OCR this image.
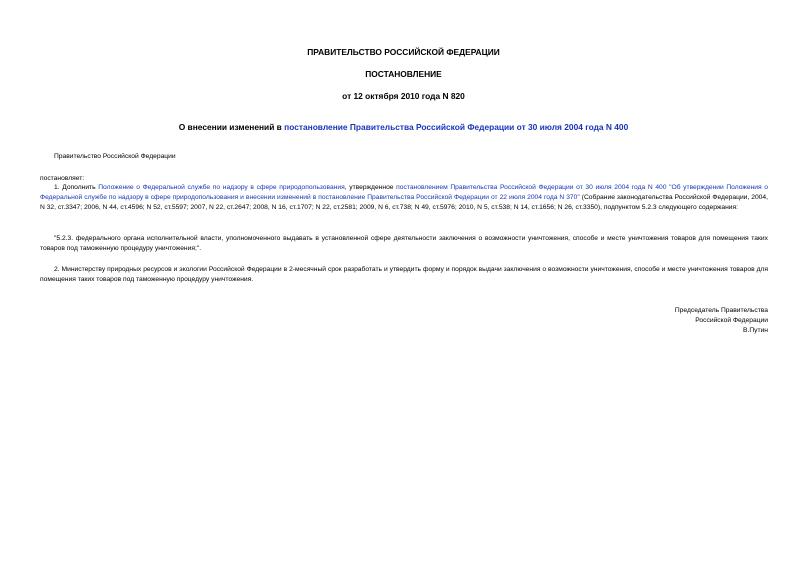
ПРАВИТЕЛЬСТВО РОССИЙСКОЙ ФЕДЕРАЦИИ
ПОСТАНОВЛЕНИЕ
от 12 октября 2010 года N 820
О внесении изменений в постановление Правительства Российской Федерации от 30 июля 2004 года N 400
Правительство Российской Федерации
постановляет:
1. Дополнить Положение о Федеральной службе по надзору в сфере природопользования, утвержденное постановлением Правительства Российской Федерации от 30 июля 2004 года N 400 "Об утверждении Положения о Федеральной службе по надзору в сфере природопользования и внесении изменений в постановление Правительства Российской Федерации от 22 июля 2004 года N 370" (Собрание законодательства Российской Федерации, 2004, N 32, ст.3347; 2006, N 44, ст.4596; N 52, ст.5597; 2007, N 22, ст.2647; 2008, N 16, ст.1707; N 22, ст.2581; 2009, N 6, ст.738; N 49, ст.5976; 2010, N 5, ст.538; N 14, ст.1656; N 26, ст.3350), подпунктом 5.2.3 следующего содержания:
"5.2.3. федерального органа исполнительной власти, уполномоченного выдавать в установленной сфере деятельности заключения о возможности уничтожения, способе и месте уничтожения товаров для помещения таких товаров под таможенную процедуру уничтожения;".
2. Министерству природных ресурсов и экологии Российской Федерации в 2-месячный срок разработать и утвердить форму и порядок выдачи заключения о возможности уничтожения, способе и месте уничтожения товаров для помещения таких товаров под таможенную процедуру уничтожения.
Председатель Правительства
Российской Федерации
В.Путин
